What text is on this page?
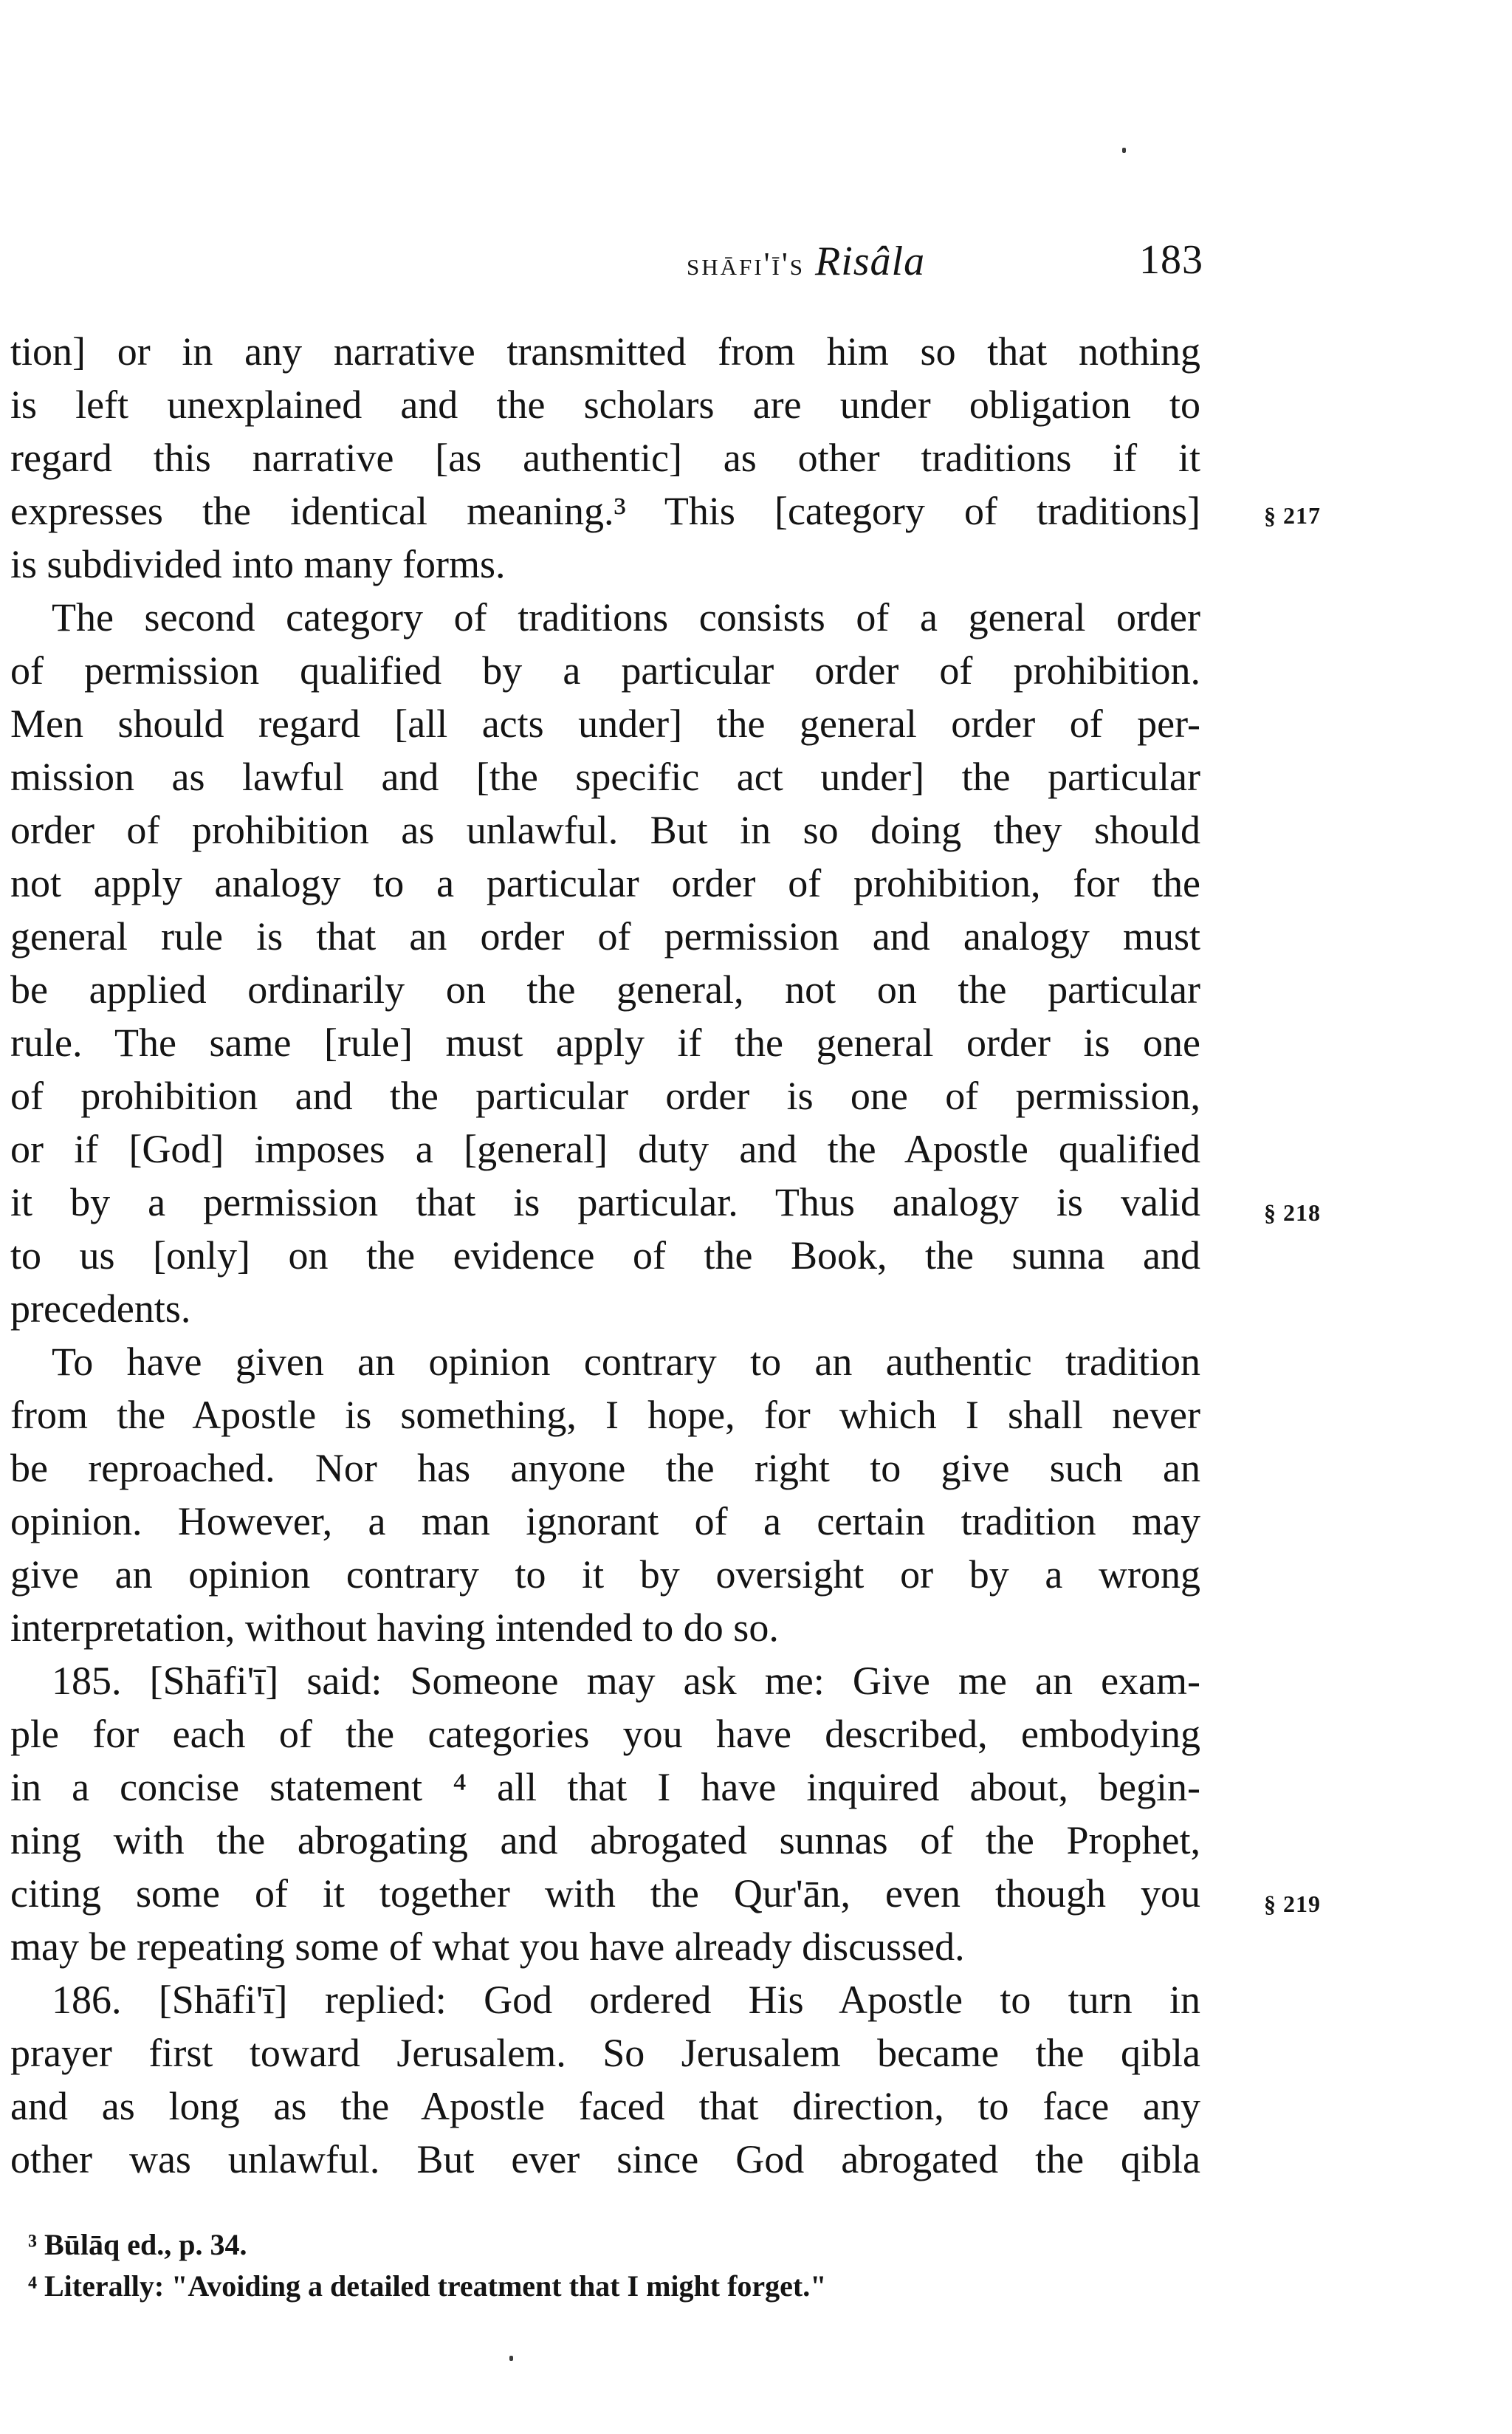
shāfi'ī's Risâla	183
tion] or in any narrative transmitted from him so that nothing
is left unexplained and the scholars are under obligation to
regard this narrative [as authentic] as other traditions if it
expresses the identical meaning.³ This [category of traditions]
is subdivided into many forms.
The second category of traditions consists of a general order
of permission qualified by a particular order of prohibition.
Men should regard [all acts under] the general order of per-
mission as lawful and [the specific act under] the particular
order of prohibition as unlawful. But in so doing they should
not apply analogy to a particular order of prohibition, for the
general rule is that an order of permission and analogy must
be applied ordinarily on the general, not on the particular
rule. The same [rule] must apply if the general order is one
of prohibition and the particular order is one of permission,
or if [God] imposes a [general] duty and the Apostle qualified
it by a permission that is particular. Thus analogy is valid
to us [only] on the evidence of the Book, the sunna and
precedents.
To have given an opinion contrary to an authentic tradition
from the Apostle is something, I hope, for which I shall never
be reproached. Nor has anyone the right to give such an
opinion. However, a man ignorant of a certain tradition may
give an opinion contrary to it by oversight or by a wrong
interpretation, without having intended to do so.
185. [Shāfi'ī] said: Someone may ask me: Give me an exam-
ple for each of the categories you have described, embodying
in a concise statement ⁴ all that I have inquired about, begin-
ning with the abrogating and abrogated sunnas of the Prophet,
citing some of it together with the Qur'ān, even though you
may be repeating some of what you have already discussed.
186. [Shāfi'ī] replied: God ordered His Apostle to turn in
prayer first toward Jerusalem. So Jerusalem became the qibla
and as long as the Apostle faced that direction, to face any
other was unlawful. But ever since God abrogated the qibla
§ 217
§ 218
§ 219
³ Būlāq ed., p. 34.
⁴ Literally: "Avoiding a detailed treatment that I might forget."
